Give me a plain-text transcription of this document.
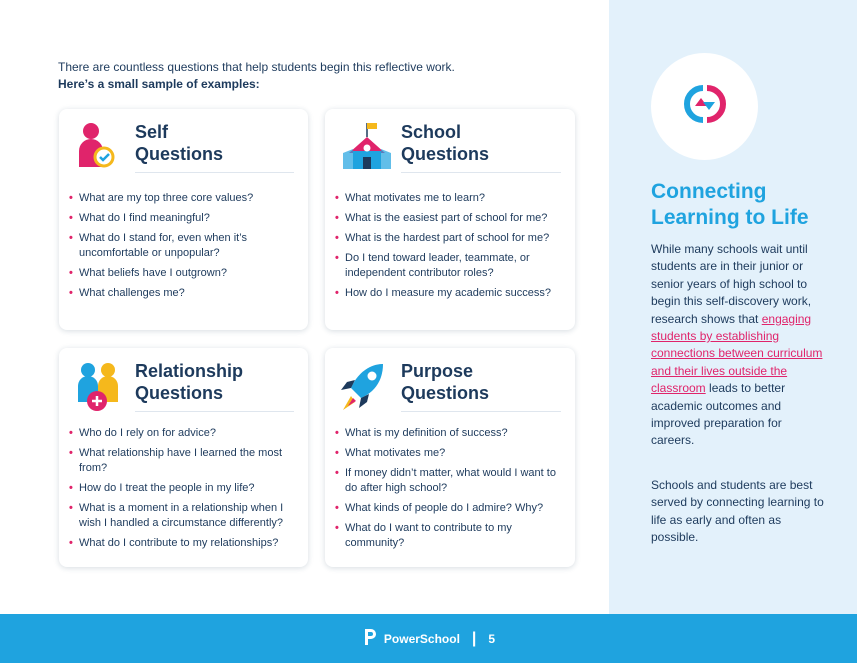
There are countless questions that help students begin this reflective work.
Here’s a small sample of examples:
Self
Questions
• What are my top three core values?
• What do I find meaningful?
• What do I stand for, even when it’s uncomfortable or unpopular?
• What beliefs have I outgrown?
• What challenges me?
School
Questions
• What motivates me to learn?
• What is the easiest part of school for me?
• What is the hardest part of school for me?
• Do I tend toward leader, teammate, or independent contributor roles?
• How do I measure my academic success?
Relationship
Questions
• Who do I rely on for advice?
• What relationship have I learned the most from?
• How do I treat the people in my life?
• What is a moment in a relationship when I wish I handled a circumstance differently?
• What do I contribute to my relationships?
Purpose
Questions
• What is my definition of success?
• What motivates me?
• If money didn’t matter, what would I want to do after high school?
• What kinds of people do I admire? Why?
• What do I want to contribute to my community?
Connecting Learning to Life
While many schools wait until students are in their junior or senior years of high school to begin this self-discovery work, research shows that engaging students by establishing connections between curriculum and their lives outside the classroom leads to better academic outcomes and improved preparation for careers.
Schools and students are best served by connecting learning to life as early and often as possible.
PowerSchool | 5
